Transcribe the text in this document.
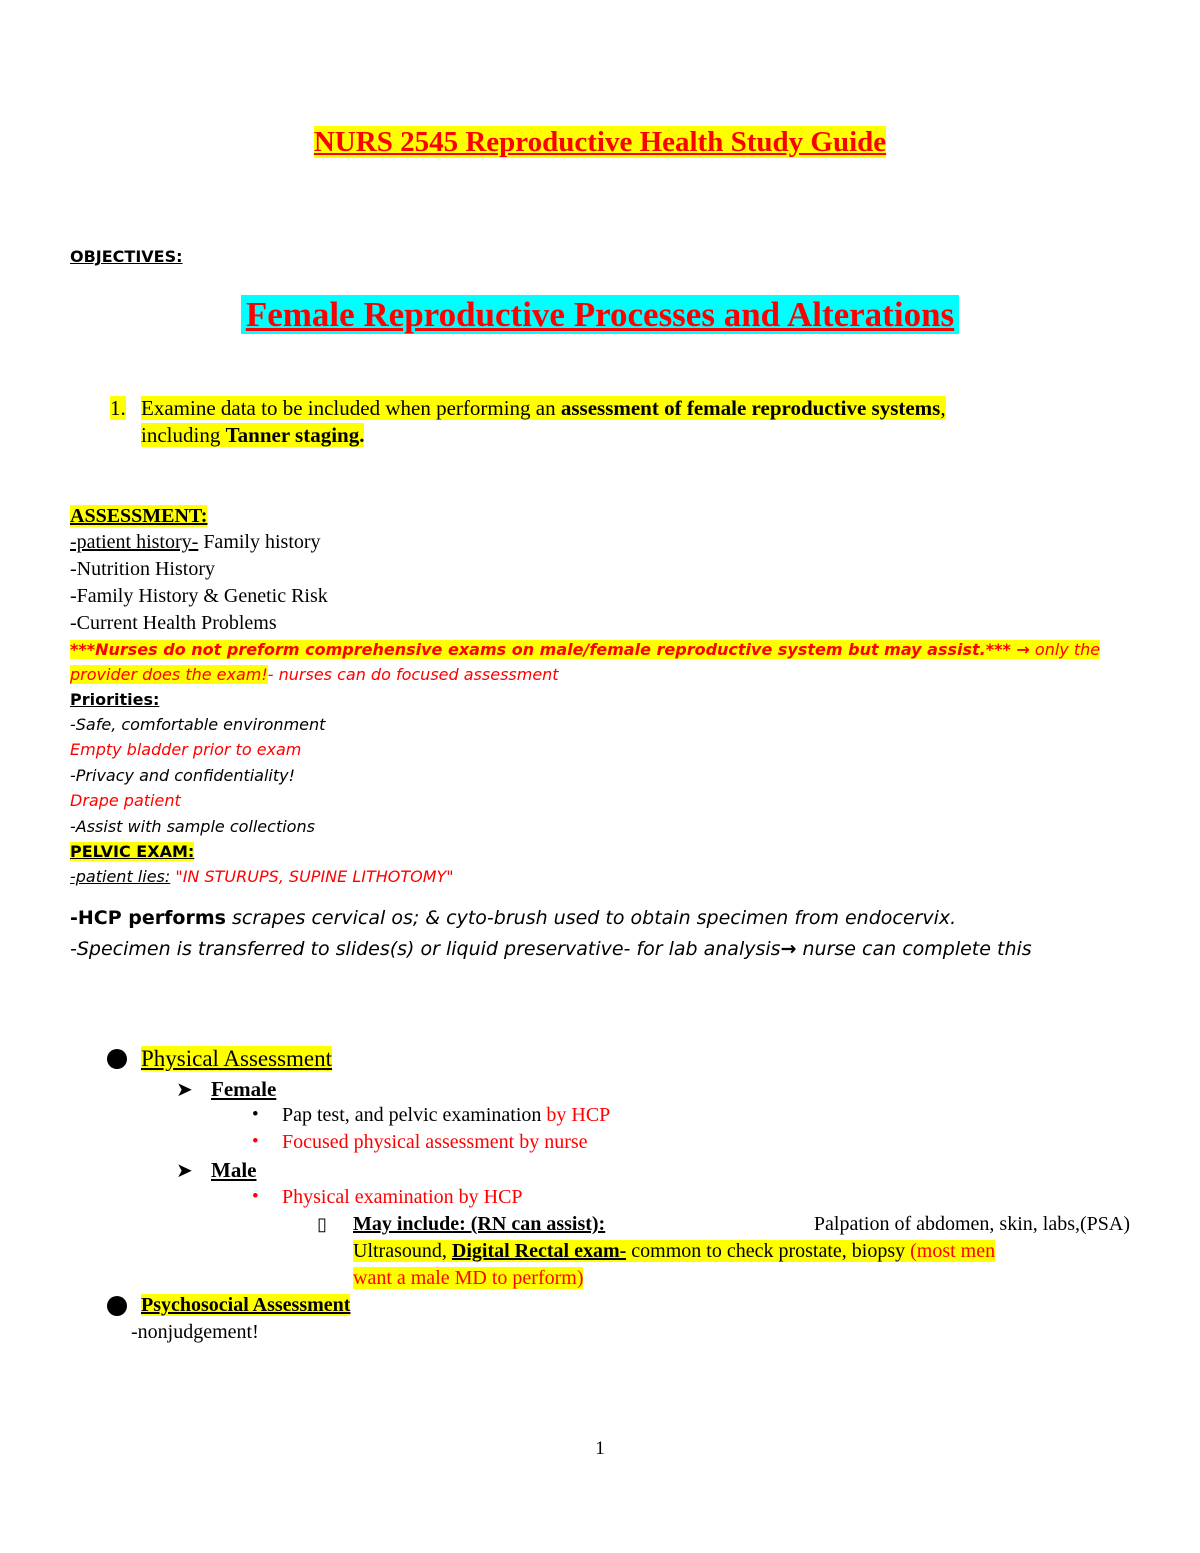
NURS 2545 Reproductive Health Study Guide
OBJECTIVES:
Female Reproductive Processes and Alterations
1. Examine data to be included when performing an assessment of female reproductive systems,
including Tanner staging.
ASSESSMENT:
-patient history- Family history
-Nutrition History
-Family History & Genetic Risk
-Current Health Problems
***Nurses do not preform comprehensive exams on male/female reproductive system but may assist.*** → only the
provider does the exam!- nurses can do focused assessment
Priorities:
-Safe, comfortable environment
Empty bladder prior to exam
-Privacy and confidentiality!
Drape patient
-Assist with sample collections
PELVIC EXAM:
-patient lies: "IN STURUPS, SUPINE LITHOTOMY"
-HCP performs scrapes cervical os; & cyto-brush used to obtain specimen from endocervix.
-Specimen is transferred to slides(s) or liquid preservative- for lab analysis→ nurse can complete this
Physical Assessment
➤ Female
• Pap test, and pelvic examination by HCP
• Focused physical assessment by nurse
➤ Male
• Physical examination by HCP
▯ May include: (RN can assist):	Palpation of abdomen, skin, labs,(PSA)
Ultrasound, Digital Rectal exam- common to check prostate, biopsy (most men
want a male MD to perform)
Psychosocial Assessment
-nonjudgement!
1
